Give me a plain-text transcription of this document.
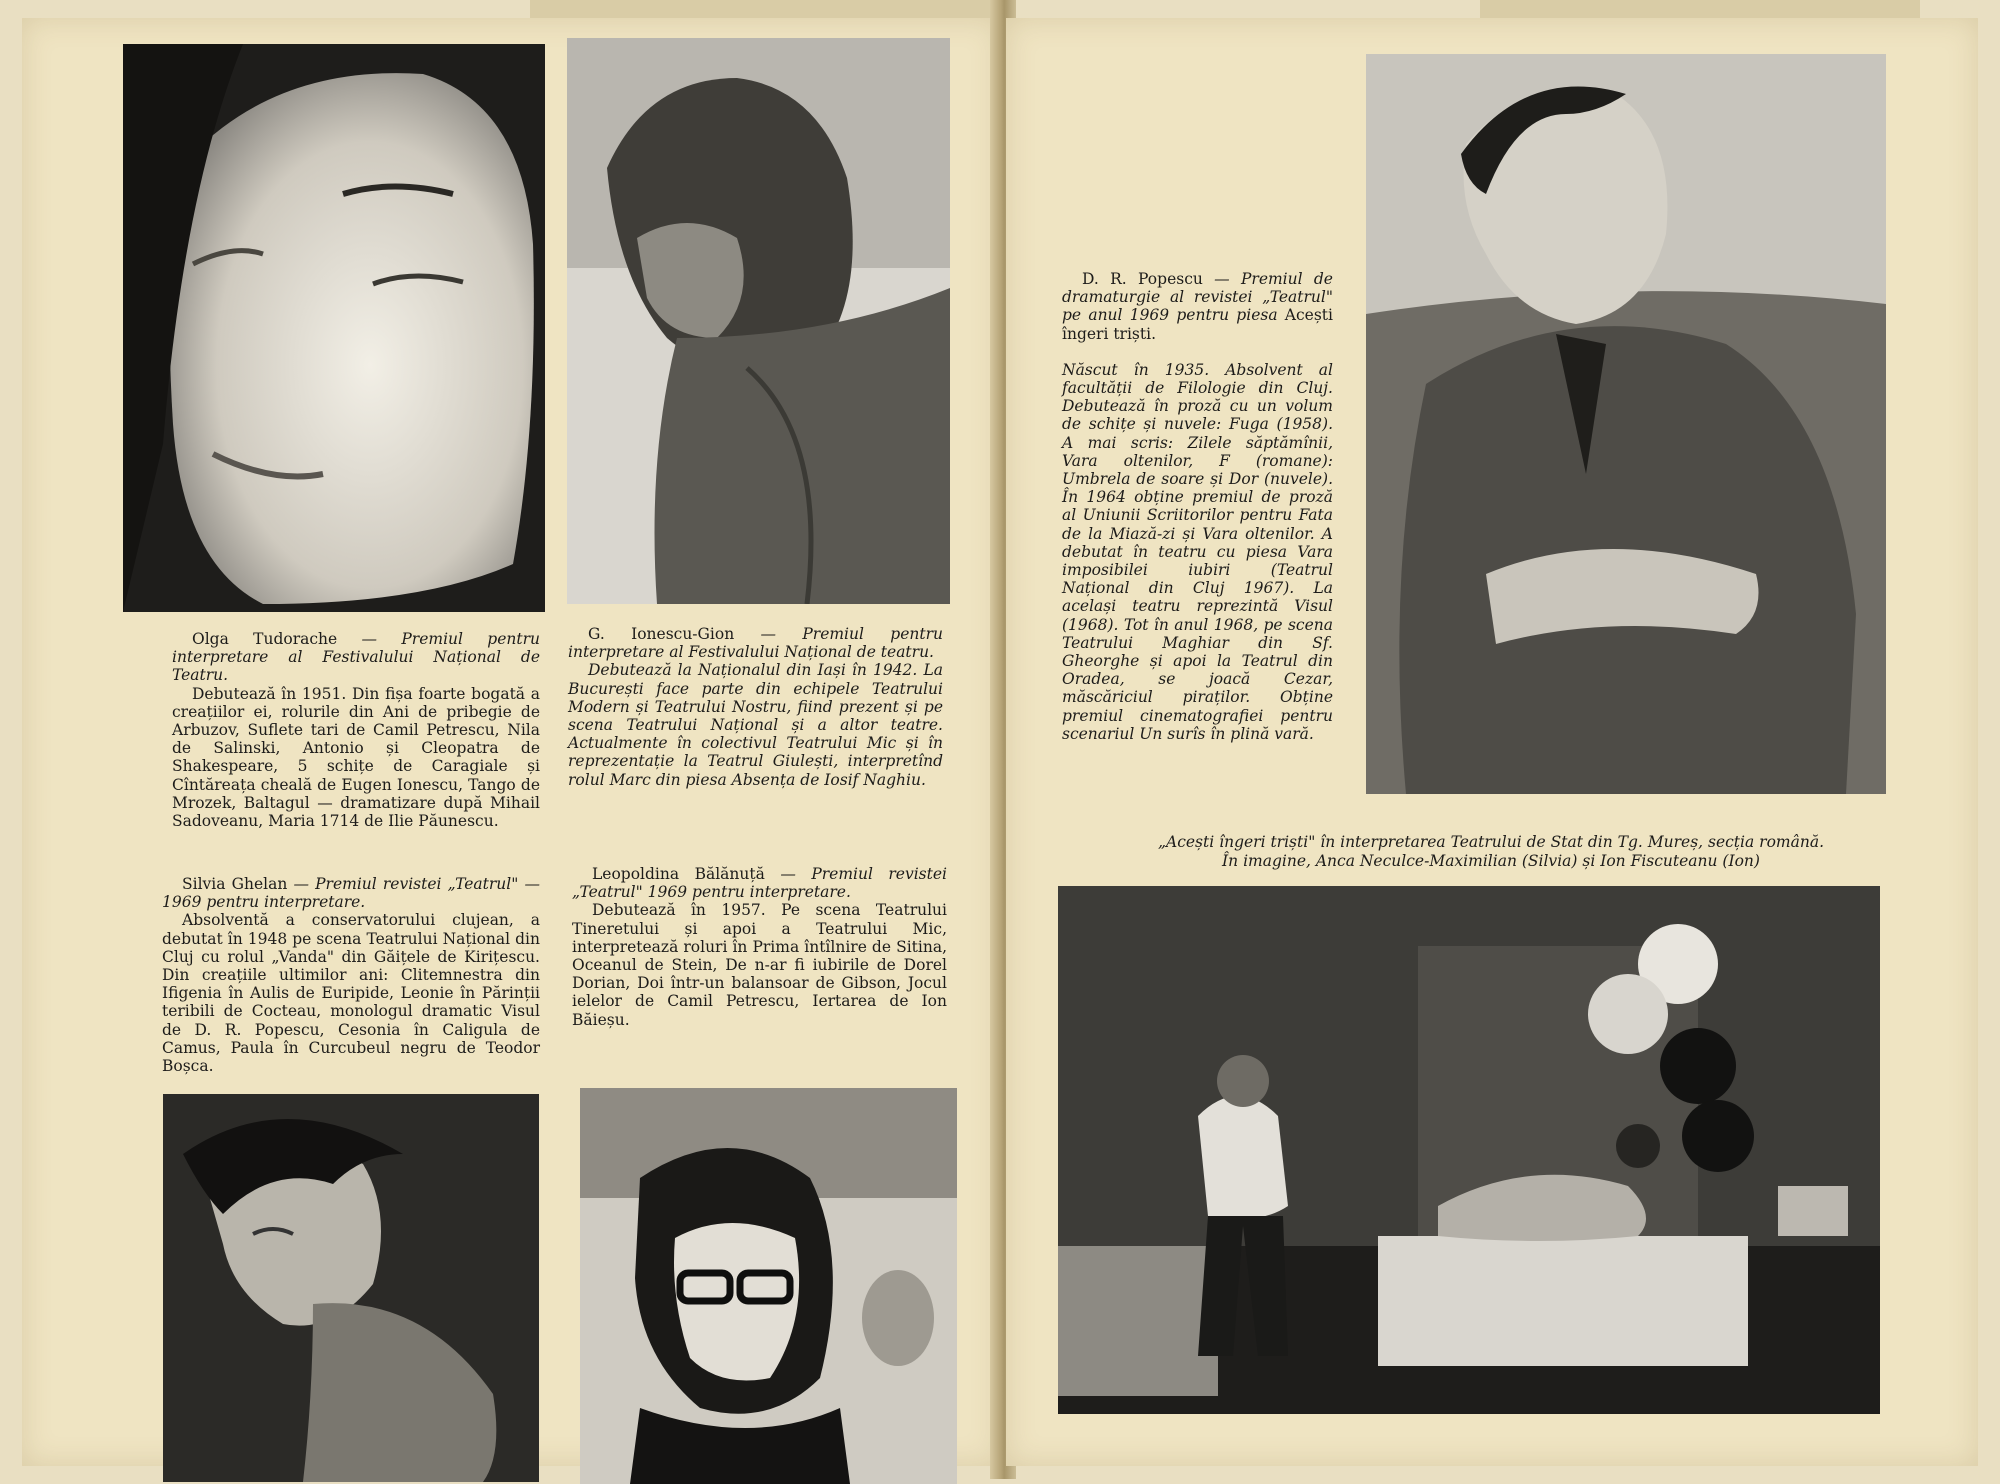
Olga Tudorache — Premiul pentru interpretare al Festivalului Național de Teatru.
Debutează în 1951. Din fișa foarte bogată a creațiilor ei, rolurile din Ani de pribegie de Arbuzov, Suflete tari de Camil Petrescu, Nila de Salinski, Antonio și Cleopatra de Shakespeare, 5 schițe de Caragiale și Cîntăreața cheală de Eugen Ionescu, Tango de Mrozek, Baltagul — dramatizare după Mihail Sadoveanu, Maria 1714 de Ilie Păunescu.

G. Ionescu-Gion — Premiul pentru interpretare al Festivalului Național de teatru.
Debutează la Naționalul din Iași în 1942. La București face parte din echipele Teatrului Modern și Teatrului Nostru, fiind prezent și pe scena Teatrului Național și a altor teatre. Actualmente în colectivul Teatrului Mic și în reprezentație la Teatrul Giulești, interpretînd rolul Marc din piesa Absența de Iosif Naghiu.

Silvia Ghelan — Premiul revistei „Teatrul" — 1969 pentru interpretare.
Absolventă a conservatorului clujean, a debutat în 1948 pe scena Teatrului Național din Cluj cu rolul „Vanda" din Găițele de Kirițescu. Din creațiile ultimilor ani: Clitemnestra din Ifigenia în Aulis de Euripide, Leonie în Părinții teribili de Cocteau, monologul dramatic Visul de D. R. Popescu, Cesonia în Caligula de Camus, Paula în Curcubeul negru de Teodor Boșca.

Leopoldina Bălănuță — Premiul revistei „Teatrul" 1969 pentru interpretare.
Debutează în 1957. Pe scena Teatrului Tineretului și apoi a Teatrului Mic, interpretează roluri în Prima întîlnire de Sitina, Oceanul de Stein, De n-ar fi iubirile de Dorel Dorian, Doi într-un balansoar de Gibson, Jocul ielelor de Camil Petrescu, Iertarea de Ion Băieșu.

D. R. Popescu — Premiul de dramaturgie al revistei „Teatrul" pe anul 1969 pentru piesa Acești îngeri triști.
Născut în 1935. Absolvent al facultății de Filologie din Cluj. Debutează în proză cu un volum de schițe și nuvele: Fuga (1958). A mai scris: Zilele săptămînii, Vara oltenilor, F (romane): Umbrela de soare și Dor (nuvele). În 1964 obține premiul de proză al Uniunii Scriitorilor pentru Fata de la Miază-zi și Vara oltenilor. A debutat în teatru cu piesa Vara imposibilei iubiri (Teatrul Național din Cluj 1967). La același teatru reprezintă Visul (1968). Tot în anul 1968, pe scena Teatrului Maghiar din Sf. Gheorghe și apoi la Teatrul din Oradea, se joacă Cezar, măscăriciul piraților. Obține premiul cinematografiei pentru scenariul Un surîs în plină vară.

„Acești îngeri triști" în interpretarea Teatrului de Stat din Tg. Mureș, secția română.
În imagine, Anca Neculce-Maximilian (Silvia) și Ion Fiscuteanu (Ion)
